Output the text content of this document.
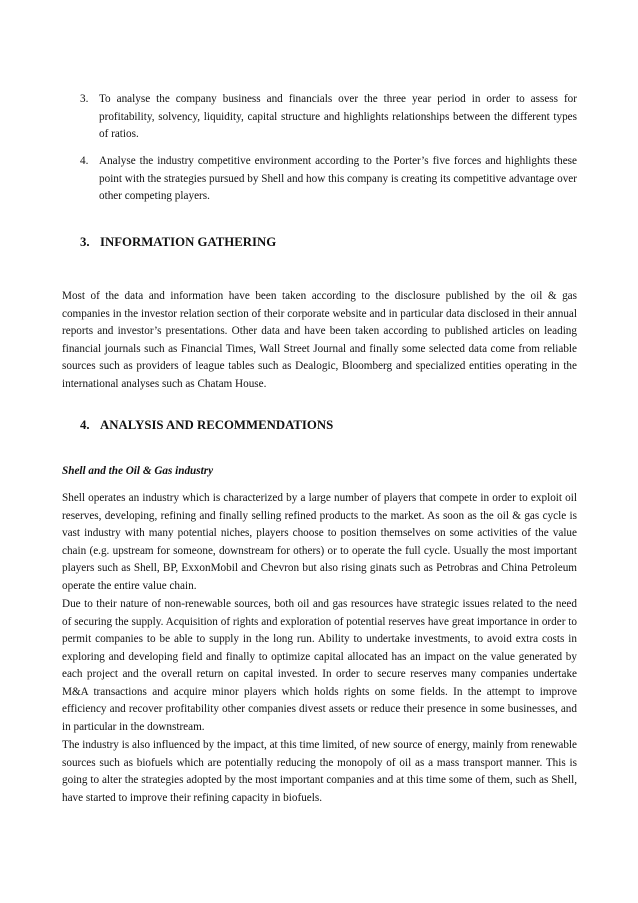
3. To analyse the company business and financials over the three year period in order to assess for profitability, solvency, liquidity, capital structure and highlights relationships between the different types of ratios.
4. Analyse the industry competitive environment according to the Porter’s five forces and highlights these point with the strategies pursued by Shell and how this company is creating its competitive advantage over other competing players.
3. INFORMATION GATHERING
Most of the data and information have been taken according to the disclosure published by the oil & gas companies in the investor relation section of their corporate website and in particular data disclosed in their annual reports and investor’s presentations. Other data and have been taken according to published articles on leading financial journals such as Financial Times, Wall Street Journal and finally some selected data come from reliable sources such as providers of league tables such as Dealogic, Bloomberg and specialized entities operating in the international analyses such as Chatam House.
4. ANALYSIS AND RECOMMENDATIONS
Shell and the Oil & Gas industry
Shell operates an industry which is characterized by a large number of players that compete in order to exploit oil reserves, developing, refining and finally selling refined products to the market. As soon as the oil & gas cycle is vast industry with many potential niches, players choose to position themselves on some activities of the value chain (e.g. upstream for someone, downstream for others) or to operate the full cycle. Usually the most important players such as Shell, BP, ExxonMobil and Chevron but also rising ginats such as Petrobras and China Petroleum operate the entire value chain.
Due to their nature of non-renewable sources, both oil and gas resources have strategic issues related to the need of securing the supply. Acquisition of rights and exploration of potential reserves have great importance in order to permit companies to be able to supply in the long run. Ability to undertake investments, to avoid extra costs in exploring and developing field and finally to optimize capital allocated has an impact on the value generated by each project and the overall return on capital invested. In order to secure reserves many companies undertake M&A transactions and acquire minor players which holds rights on some fields. In the attempt to improve efficiency and recover profitability other companies divest assets or reduce their presence in some businesses, and in particular in the downstream.
The industry is also influenced by the impact, at this time limited, of new source of energy, mainly from renewable sources such as biofuels which are potentially reducing the monopoly of oil as a mass transport manner. This is going to alter the strategies adopted by the most important companies and at this time some of them, such as Shell, have started to improve their refining capacity in biofuels.
